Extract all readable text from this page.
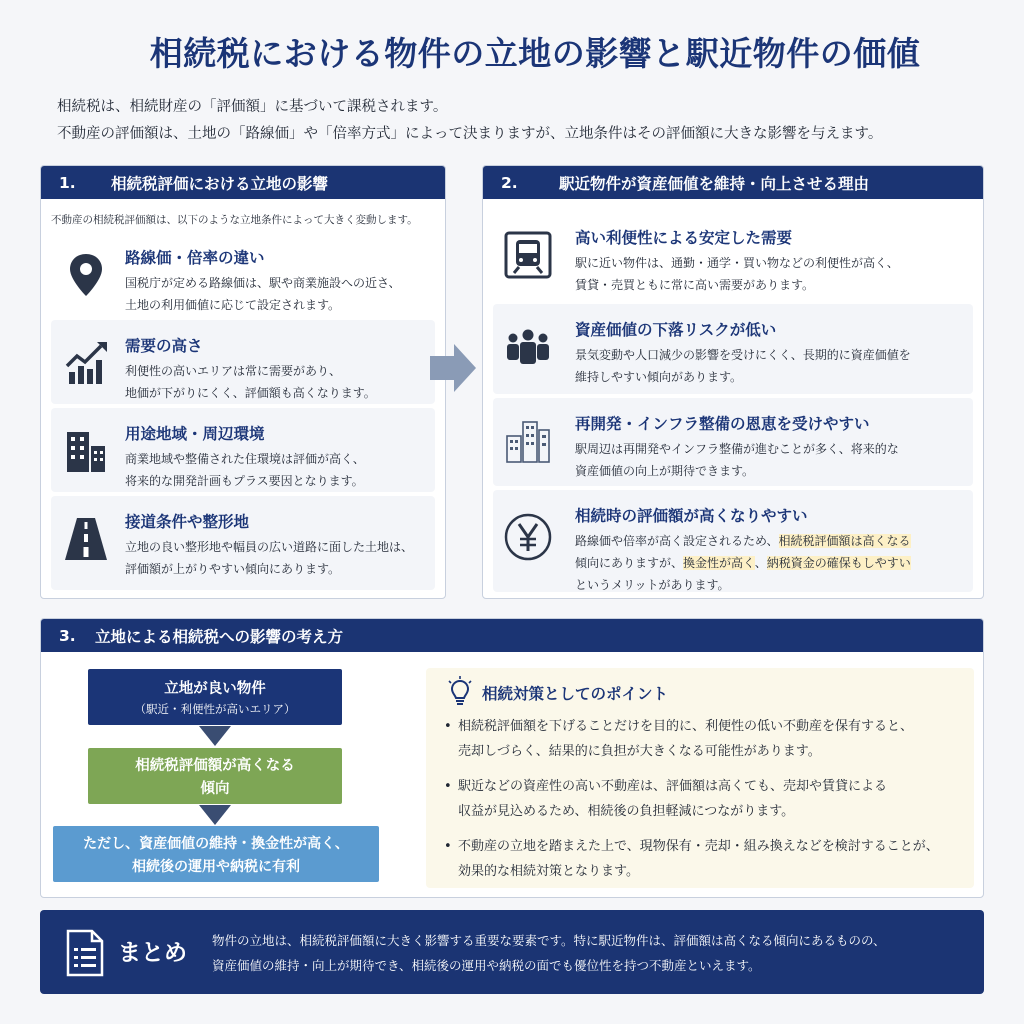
相続税における物件の立地の影響と駅近物件の価値
相続税は、相続財産の「評価額」に基づいて課税されます。
不動産の評価額は、土地の「路線価」や「倍率方式」によって決まりますが、立地条件はその評価額に大きな影響を与えます。
1.	相続税評価における立地の影響
不動産の相続税評価額は、以下のような立地条件によって大きく変動します。
路線価・倍率の違い
国税庁が定める路線価は、駅や商業施設への近さ、
土地の利用価値に応じて設定されます。
需要の高さ
利便性の高いエリアは常に需要があり、
地価が下がりにくく、評価額も高くなります。
用途地域・周辺環境
商業地域や整備された住環境は評価が高く、
将来的な開発計画もプラス要因となります。
接道条件や整形地
立地の良い整形地や幅員の広い道路に面した土地は、
評価額が上がりやすい傾向にあります。
2.	駅近物件が資産価値を維持・向上させる理由
高い利便性による安定した需要
駅に近い物件は、通勤・通学・買い物などの利便性が高く、
賃貸・売買ともに常に高い需要があります。
資産価値の下落リスクが低い
景気変動や人口減少の影響を受けにくく、長期的に資産価値を
維持しやすい傾向があります。
再開発・インフラ整備の恩恵を受けやすい
駅周辺は再開発やインフラ整備が進むことが多く、将来的な
資産価値の向上が期待できます。
相続時の評価額が高くなりやすい
路線価や倍率が高く設定されるため、相続税評価額は高くなる
傾向にありますが、換金性が高く、納税資金の確保もしやすい
というメリットがあります。
3.	立地による相続税への影響の考え方
立地が良い物件
（駅近・利便性が高いエリア）
相続税評価額が高くなる
傾向
ただし、資産価値の維持・換金性が高く、
相続後の運用や納税に有利
相続対策としてのポイント
• 相続税評価額を下げることだけを目的に、利便性の低い不動産を保有すると、
売却しづらく、結果的に負担が大きくなる可能性があります。
• 駅近などの資産性の高い不動産は、評価額は高くても、売却や賃貸による
収益が見込めるため、相続後の負担軽減につながります。
• 不動産の立地を踏まえた上で、現物保有・売却・組み換えなどを検討することが、
効果的な相続対策となります。
まとめ 物件の立地は、相続税評価額に大きく影響する重要な要素です。特に駅近物件は、評価額は高くなる傾向にあるものの、
資産価値の維持・向上が期待でき、相続後の運用や納税の面でも優位性を持つ不動産といえます。
